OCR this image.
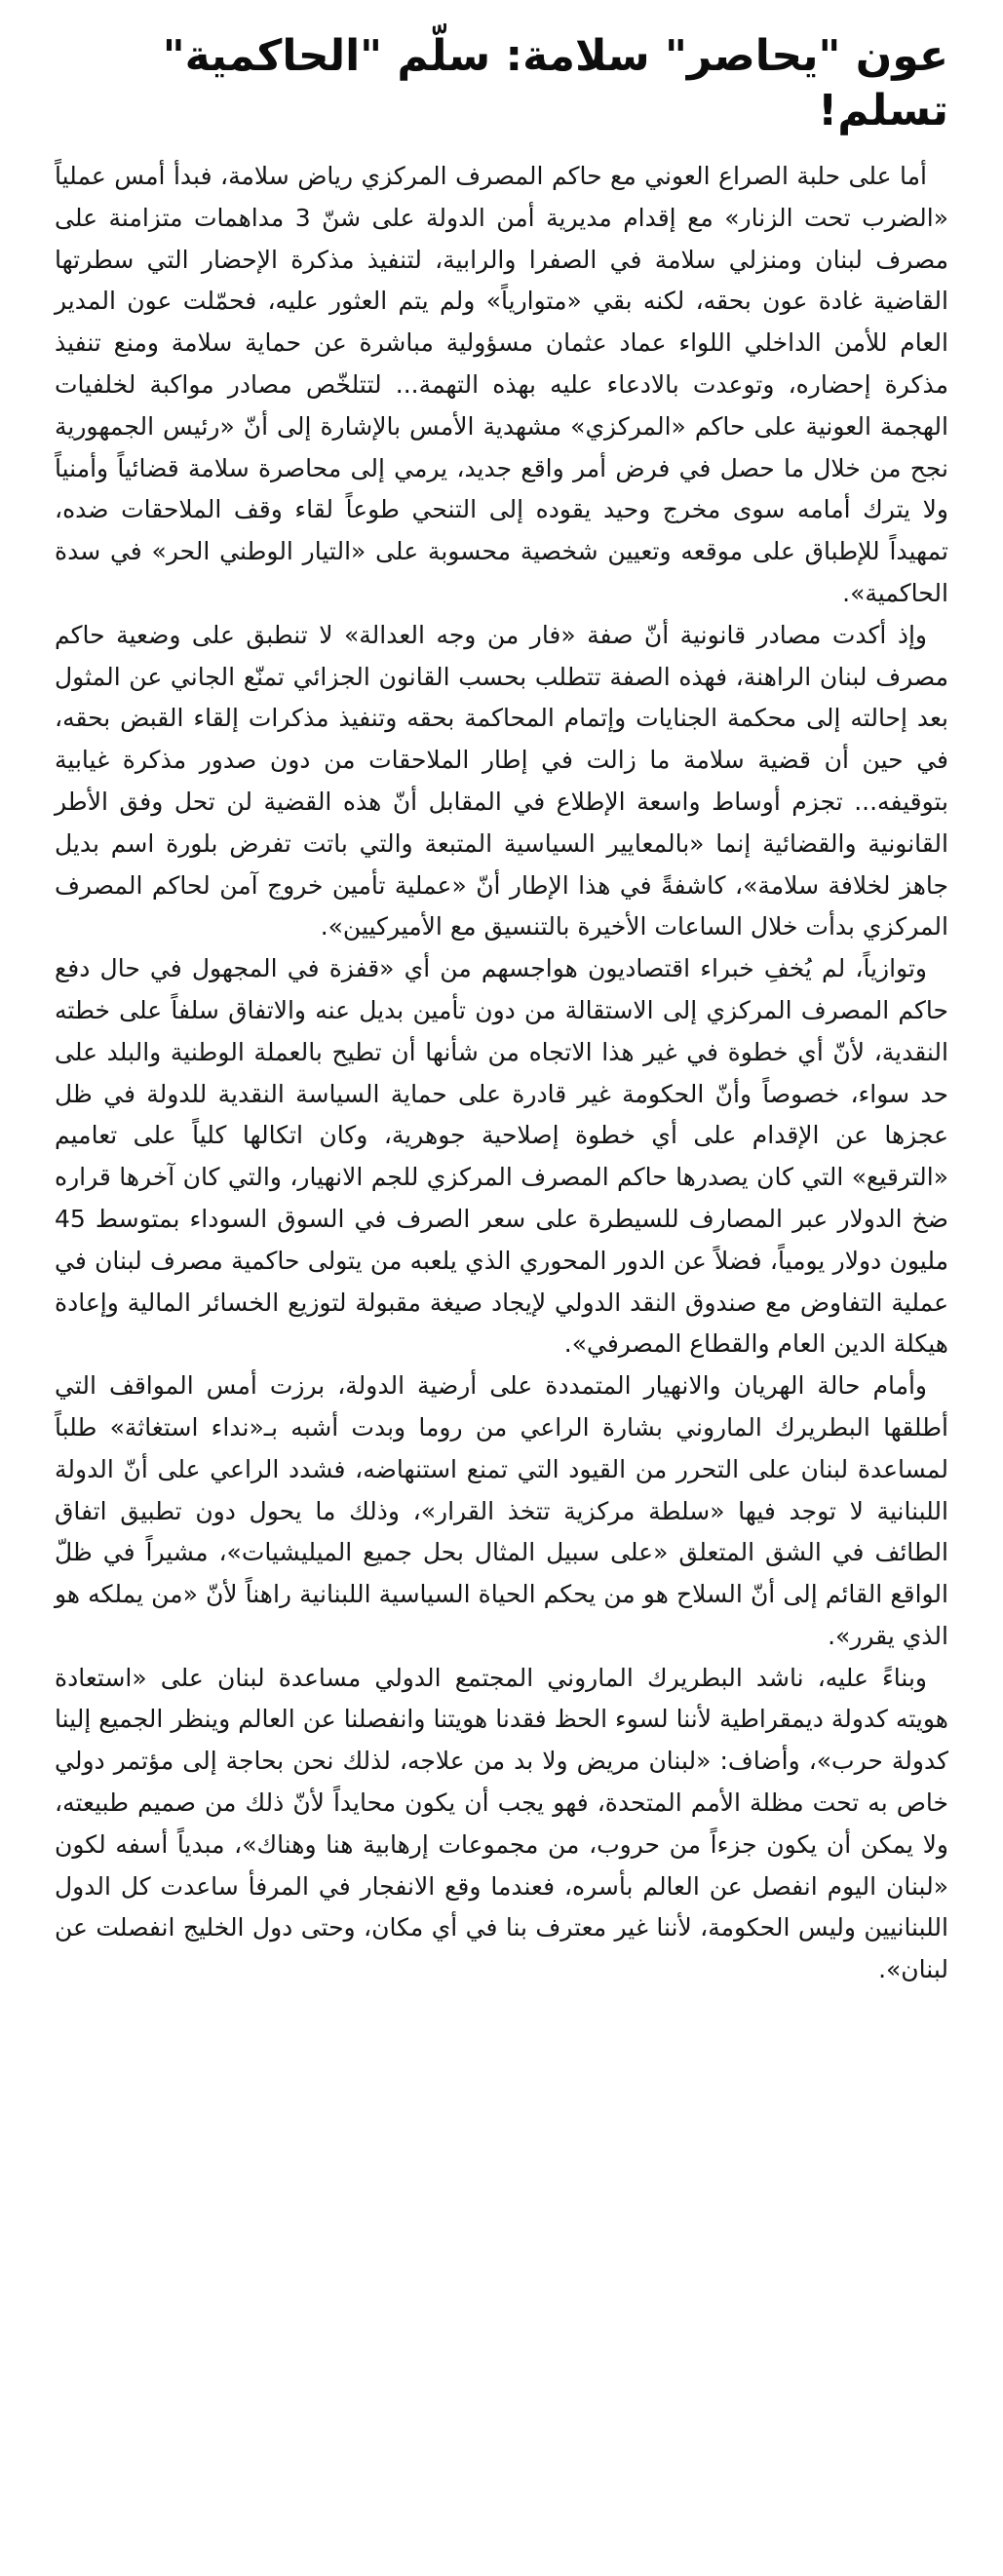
عون "يحاصر" سلامة: سلّم "الحاكمية" تسلم!

أما على حلبة الصراع العوني مع حاكم المصرف المركزي رياض سلامة، فبدأ أمس عملياً «الضرب تحت الزنار» مع إقدام مديرية أمن الدولة على شنّ 3 مداهمات متزامنة على مصرف لبنان ومنزلي سلامة في الصفرا والرابية، لتنفيذ مذكرة الإحضار التي سطرتها القاضية غادة عون بحقه، لكنه بقي «متوارياً» ولم يتم العثور عليه، فحمّلت عون المدير العام للأمن الداخلي اللواء عماد عثمان مسؤولية مباشرة عن حماية سلامة ومنع تنفيذ مذكرة إحضاره، وتوعدت بالادعاء عليه بهذه التهمة... لتتلخّص مصادر مواكبة لخلفيات الهجمة العونية على حاكم «المركزي» مشهدية الأمس بالإشارة إلى أنّ «رئيس الجمهورية نجح من خلال ما حصل في فرض أمر واقع جديد، يرمي إلى محاصرة سلامة قضائياً وأمنياً ولا يترك أمامه سوى مخرج وحيد يقوده إلى التنحي طوعاً لقاء وقف الملاحقات ضده، تمهيداً للإطباق على موقعه وتعيين شخصية محسوبة على «التيار الوطني الحر» في سدة الحاكمية».

وإذ أكدت مصادر قانونية أنّ صفة «فار من وجه العدالة» لا تنطبق على وضعية حاكم مصرف لبنان الراهنة، فهذه الصفة تتطلب بحسب القانون الجزائي تمنّع الجاني عن المثول بعد إحالته إلى محكمة الجنايات وإتمام المحاكمة بحقه وتنفيذ مذكرات إلقاء القبض بحقه، في حين أن قضية سلامة ما زالت في إطار الملاحقات من دون صدور مذكرة غيابية بتوقيفه... تجزم أوساط واسعة الإطلاع في المقابل أنّ هذه القضية لن تحل وفق الأطر القانونية والقضائية إنما «بالمعايير السياسية المتبعة والتي باتت تفرض بلورة اسم بديل جاهز لخلافة سلامة»، كاشفةً في هذا الإطار أنّ «عملية تأمين خروج آمن لحاكم المصرف المركزي بدأت خلال الساعات الأخيرة بالتنسيق مع الأميركيين».

وتوازياً، لم يُخفِ خبراء اقتصاديون هواجسهم من أي «قفزة في المجهول في حال دفع حاكم المصرف المركزي إلى الاستقالة من دون تأمين بديل عنه والاتفاق سلفاً على خطته النقدية، لأنّ أي خطوة في غير هذا الاتجاه من شأنها أن تطيح بالعملة الوطنية والبلد على حد سواء، خصوصاً وأنّ الحكومة غير قادرة على حماية السياسة النقدية للدولة في ظل عجزها عن الإقدام على أي خطوة إصلاحية جوهرية، وكان اتكالها كلياً على تعاميم «الترقيع» التي كان يصدرها حاكم المصرف المركزي للجم الانهيار، والتي كان آخرها قراره ضخ الدولار عبر المصارف للسيطرة على سعر الصرف في السوق السوداء بمتوسط 45 مليون دولار يومياً، فضلاً عن الدور المحوري الذي يلعبه من يتولى حاكمية مصرف لبنان في عملية التفاوض مع صندوق النقد الدولي لإيجاد صيغة مقبولة لتوزيع الخسائر المالية وإعادة هيكلة الدين العام والقطاع المصرفي».

وأمام حالة الهريان والانهيار المتمددة على أرضية الدولة، برزت أمس المواقف التي أطلقها البطريرك الماروني بشارة الراعي من روما وبدت أشبه بـ«نداء استغاثة» طلباً لمساعدة لبنان على التحرر من القيود التي تمنع استنهاضه، فشدد الراعي على أنّ الدولة اللبنانية لا توجد فيها «سلطة مركزية تتخذ القرار»، وذلك ما يحول دون تطبيق اتفاق الطائف في الشق المتعلق «على سبيل المثال بحل جميع الميليشيات»، مشيراً في ظلّ الواقع القائم إلى أنّ السلاح هو من يحكم الحياة السياسية اللبنانية راهناً لأنّ «من يملكه هو الذي يقرر».

وبناءً عليه، ناشد البطريرك الماروني المجتمع الدولي مساعدة لبنان على «استعادة هويته كدولة ديمقراطية لأننا لسوء الحظ فقدنا هويتنا وانفصلنا عن العالم وينظر الجميع إلينا كدولة حرب»، وأضاف: «لبنان مريض ولا بد من علاجه، لذلك نحن بحاجة إلى مؤتمر دولي خاص به تحت مظلة الأمم المتحدة، فهو يجب أن يكون محايداً لأنّ ذلك من صميم طبيعته، ولا يمكن أن يكون جزءاً من حروب، من مجموعات إرهابية هنا وهناك»، مبدياً أسفه لكون «لبنان اليوم انفصل عن العالم بأسره، فعندما وقع الانفجار في المرفأ ساعدت كل الدول اللبنانيين وليس الحكومة، لأننا غير معترف بنا في أي مكان، وحتى دول الخليج انفصلت عن لبنان».
